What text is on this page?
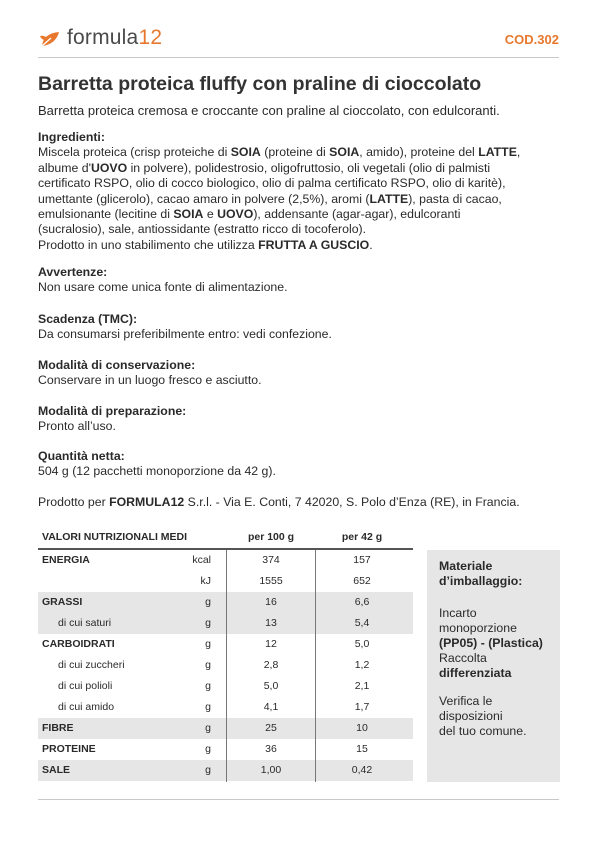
formula12	COD.302
Barretta proteica fluffy con praline di cioccolato
Barretta proteica cremosa e croccante con praline al cioccolato, con edulcoranti.
Ingredienti:
Miscela proteica (crisp proteiche di SOIA (proteine di SOIA, amido), proteine del LATTE,
albume d'UOVO in polvere), polidestrosio, oligofruttosio, oli vegetali (olio di palmisti
certificato RSPO, olio di cocco biologico, olio di palma certificato RSPO, olio di karitè),
umettante (glicerolo), cacao amaro in polvere (2,5%), aromi (LATTE), pasta di cacao,
emulsionante (lecitine di SOIA e UOVO), addensante (agar-agar), edulcoranti
(sucralosio), sale, antiossidante (estratto ricco di tocoferolo).
Prodotto in uno stabilimento che utilizza FRUTTA A GUSCIO.
Avvertenze:
Non usare come unica fonte di alimentazione.
Scadenza (TMC):
Da consumarsi preferibilmente entro: vedi confezione.
Modalità di conservazione:
Conservare in un luogo fresco e asciutto.
Modalità di preparazione:
Pronto all’uso.
Quantità netta:
504 g (12 pacchetti monoporzione da 42 g).
Prodotto per FORMULA12 S.r.l. - Via E. Conti, 7 42020, S. Polo d’Enza (RE), in Francia.
VALORI NUTRIZIONALI MEDI	per 100 g	per 42 g
ENERGIA	kcal	374	157
kJ	1555	652
GRASSI	g	16	6,6
di cui saturi	g	13	5,4
CARBOIDRATI	g	12	5,0
di cui zuccheri	g	2,8	1,2
di cui polioli	g	5,0	2,1
di cui amido	g	4,1	1,7
FIBRE	g	25	10
PROTEINE	g	36	15
SALE	g	1,00	0,42
Materiale
d’imballaggio:
Incarto
monoporzione
(PP05) - (Plastica)
Raccolta
differenziata
Verifica le
disposizioni
del tuo comune.
